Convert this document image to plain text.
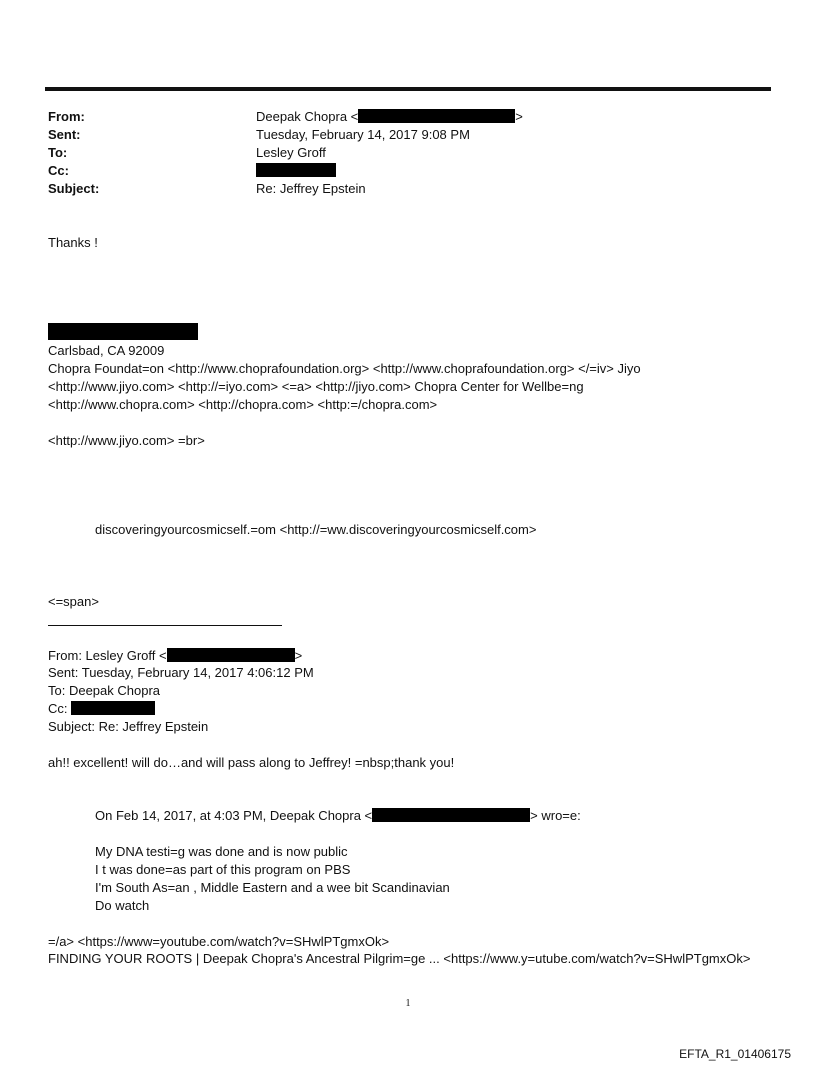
From:	Deepak Chopra <	>
Sent:	Tuesday, February 14, 2017 9:08 PM
To:	Lesley Groff
Cc:
Subject:	Re: Jeffrey Epstein
Thanks !
Carlsbad, CA 92009
Chopra Foundat=on <http://www.choprafoundation.org> <http://www.choprafoundation.org> </=iv> Jiyo
<http://www.jiyo.com> <http://=iyo.com> <=a> <http://jiyo.com> Chopra Center for Wellbe=ng
<http://www.chopra.com> <http://chopra.com> <http:=/chopra.com>
<http://www.jiyo.com> =br>
discoveringyourcosmicself.=om <http://=ww.discoveringyourcosmicself.com>
<=span>
From: Lesley Groff <	>
Sent: Tuesday, February 14, 2017 4:06:12 PM
To: Deepak Chopra
Cc:
Subject: Re: Jeffrey Epstein
ah!! excellent! will do…and will pass along to Jeffrey! =nbsp;thank you!
On Feb 14, 2017, at 4:03 PM, Deepak Chopra <	> wro=e:
My DNA testi=g was done and is now public
I t was done=as part of this program on PBS
I'm South As=an , Middle Eastern and a wee bit Scandinavian
Do watch
=/a> <https://www=youtube.com/watch?v=SHwlPTgmxOk>
FINDING YOUR ROOTS | Deepak Chopra's Ancestral Pilgrim=ge ... <https://www.y=utube.com/watch?v=SHwlPTgmxOk>
1
EFTA_R1_01406175
